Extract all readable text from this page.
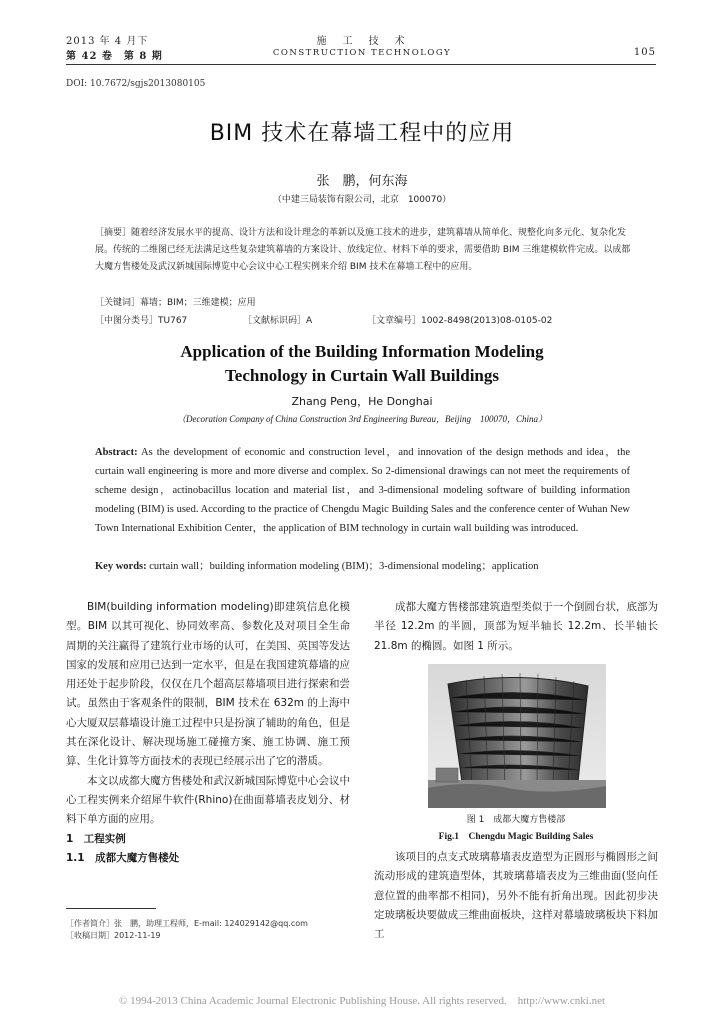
2013 年 4 月下
第 42 卷　第 8 期
施　工　技　术
CONSTRUCTION TECHNOLOGY	105
DOI: 10.7672/sgjs2013080105
BIM 技术在幕墙工程中的应用
张　鹏，何东海
（中建三局装饰有限公司，北京　100070）
［摘要］随着经济发展水平的提高、设计方法和设计理念的革新以及施工技术的进步，建筑幕墙从简单化、规整化向多元化、复杂化发展。传统的二维图已经无法满足这些复杂建筑幕墙的方案设计、放线定位、材料下单的要求，需要借助 BIM 三维建模软件完成。以成都大魔方售楼处及武汉新城国际博览中心会议中心工程实例来介绍 BIM 技术在幕墙工程中的应用。
［关键词］幕墙；BIM；三维建模；应用
［中图分类号］TU767	［文献标识码］A	［文章编号］1002-8498(2013)08-0105-02
Application of the Building Information Modeling
Technology in Curtain Wall Buildings
Zhang Peng，He Donghai
（Decoration Company of China Construction 3rd Engineering Bureau，Beijing　100070，China）
Abstract: As the development of economic and construction level，and innovation of the design methods and idea，the curtain wall engineering is more and more diverse and complex. So 2-dimensional drawings can not meet the requirements of scheme design，actinobacillus location and material list，and 3-dimensional modeling software of building information modeling (BIM) is used. According to the practice of Chengdu Magic Building Sales and the conference center of Wuhan New Town International Exhibition Center，the application of BIM technology in curtain wall building was introduced.
Key words: curtain wall；building information modeling (BIM)；3-dimensional modeling；application

BIM(building information modeling)即建筑信息化模型。BIM 以其可视化、协同效率高、参数化及对项目全生命周期的关注赢得了建筑行业市场的认可，在美国、英国等发达国家的发展和应用已达到一定水平，但是在我国建筑幕墙的应用还处于起步阶段，仅仅在几个超高层幕墙项目进行探索和尝试。虽然由于客观条件的限制，BIM 技术在 632m 的上海中心大厦双层幕墙设计施工过程中只是扮演了辅助的角色，但是其在深化设计、解决现场施工碰撞方案、施工协调、施工预算、生化计算等方面技术的表现已经展示出了它的潜质。

本文以成都大魔方售楼处和武汉新城国际博览中心会议中心工程实例来介绍犀牛软件(Rhino)在曲面幕墙表皮划分、材料下单方面的应用。

1　工程实例

1.1　成都大魔方售楼处

［作者简介］张　鹏，助理工程师，E-mail: 124029142@qq.com
［收稿日期］2012-11-19

成都大魔方售楼部建筑造型类似于一个倒圆台状，底部为半径 12.2m 的半圆，顶部为短半轴长 12.2m、长半轴长 21.8m 的椭圆。如图 1 所示。

图 1　成都大魔方售楼部
Fig.1　Chengdu Magic Building Sales

该项目的点支式玻璃幕墙表皮造型为正圆形与椭圆形之间流动形成的建筑造型体，其玻璃幕墙表皮为三维曲面(竖向任意位置的曲率都不相同)，另外不能有折角出现。因此初步决定玻璃板块要做成三维曲面板块，这样对幕墙玻璃板块下料加工

© 1994-2013 China Academic Journal Electronic Publishing House. All rights reserved.　http://www.cnki.net
